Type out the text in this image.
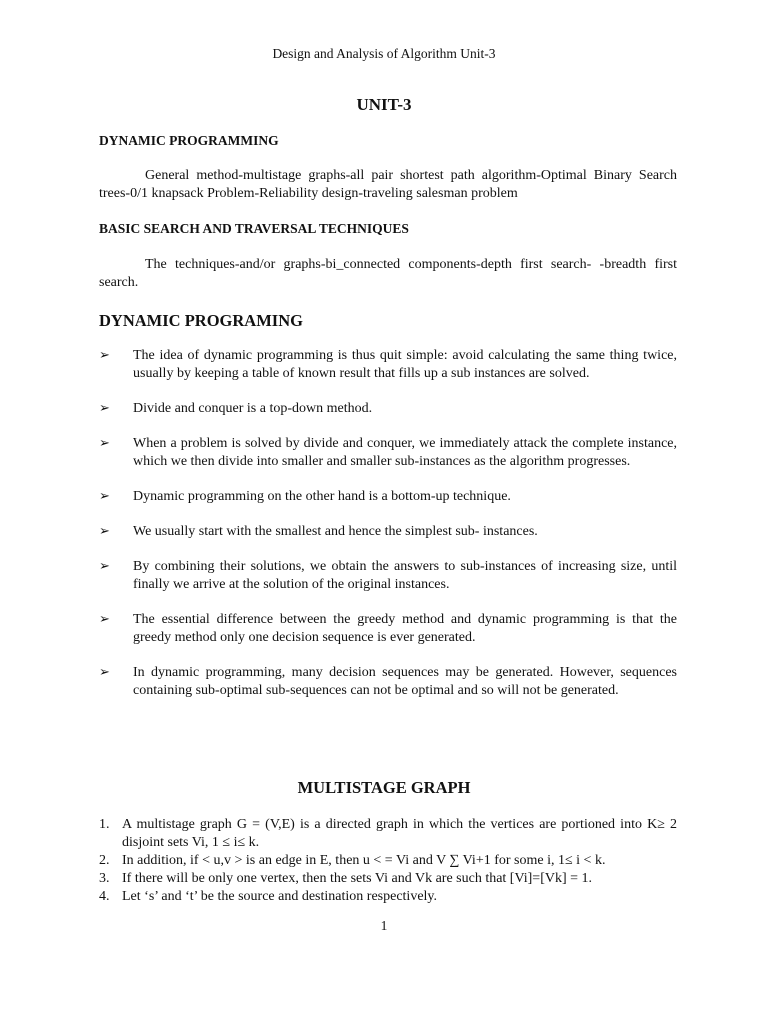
Design and Analysis of Algorithm Unit-3
UNIT-3
DYNAMIC PROGRAMMING
General method-multistage graphs-all pair shortest path algorithm-Optimal Binary Search trees-0/1 knapsack Problem-Reliability design-traveling salesman problem
BASIC SEARCH AND TRAVERSAL TECHNIQUES
The techniques-and/or graphs-bi_connected components-depth first search- -breadth first search.
DYNAMIC PROGRAMING
➢ The idea of dynamic programming is thus quit simple: avoid calculating the same thing twice, usually by keeping a table of known result that fills up a sub instances are solved.
➢ Divide and conquer is a top-down method.
➢ When a problem is solved by divide and conquer, we immediately attack the complete instance, which we then divide into smaller and smaller sub-instances as the algorithm progresses.
➢ Dynamic programming on the other hand is a bottom-up technique.
➢ We usually start with the smallest and hence the simplest sub- instances.
➢ By combining their solutions, we obtain the answers to sub-instances of increasing size, until finally we arrive at the solution of the original instances.
➢ The essential difference between the greedy method and dynamic programming is that the greedy method only one decision sequence is ever generated.
➢ In dynamic programming, many decision sequences may be generated. However, sequences containing sub-optimal sub-sequences can not be optimal and so will not be generated.
MULTISTAGE GRAPH
1. A multistage graph G = (V,E) is a directed graph in which the vertices are portioned into K≥ 2 disjoint sets Vi, 1 ≤ i≤ k.
2. In addition, if < u,v > is an edge in E, then u < = Vi and V ∑ Vi+1 for some i, 1≤ i < k.
3. If there will be only one vertex, then the sets Vi and Vk are such that [Vi]=[Vk] = 1.
4. Let ‘s’ and ‘t’ be the source and destination respectively.
1
